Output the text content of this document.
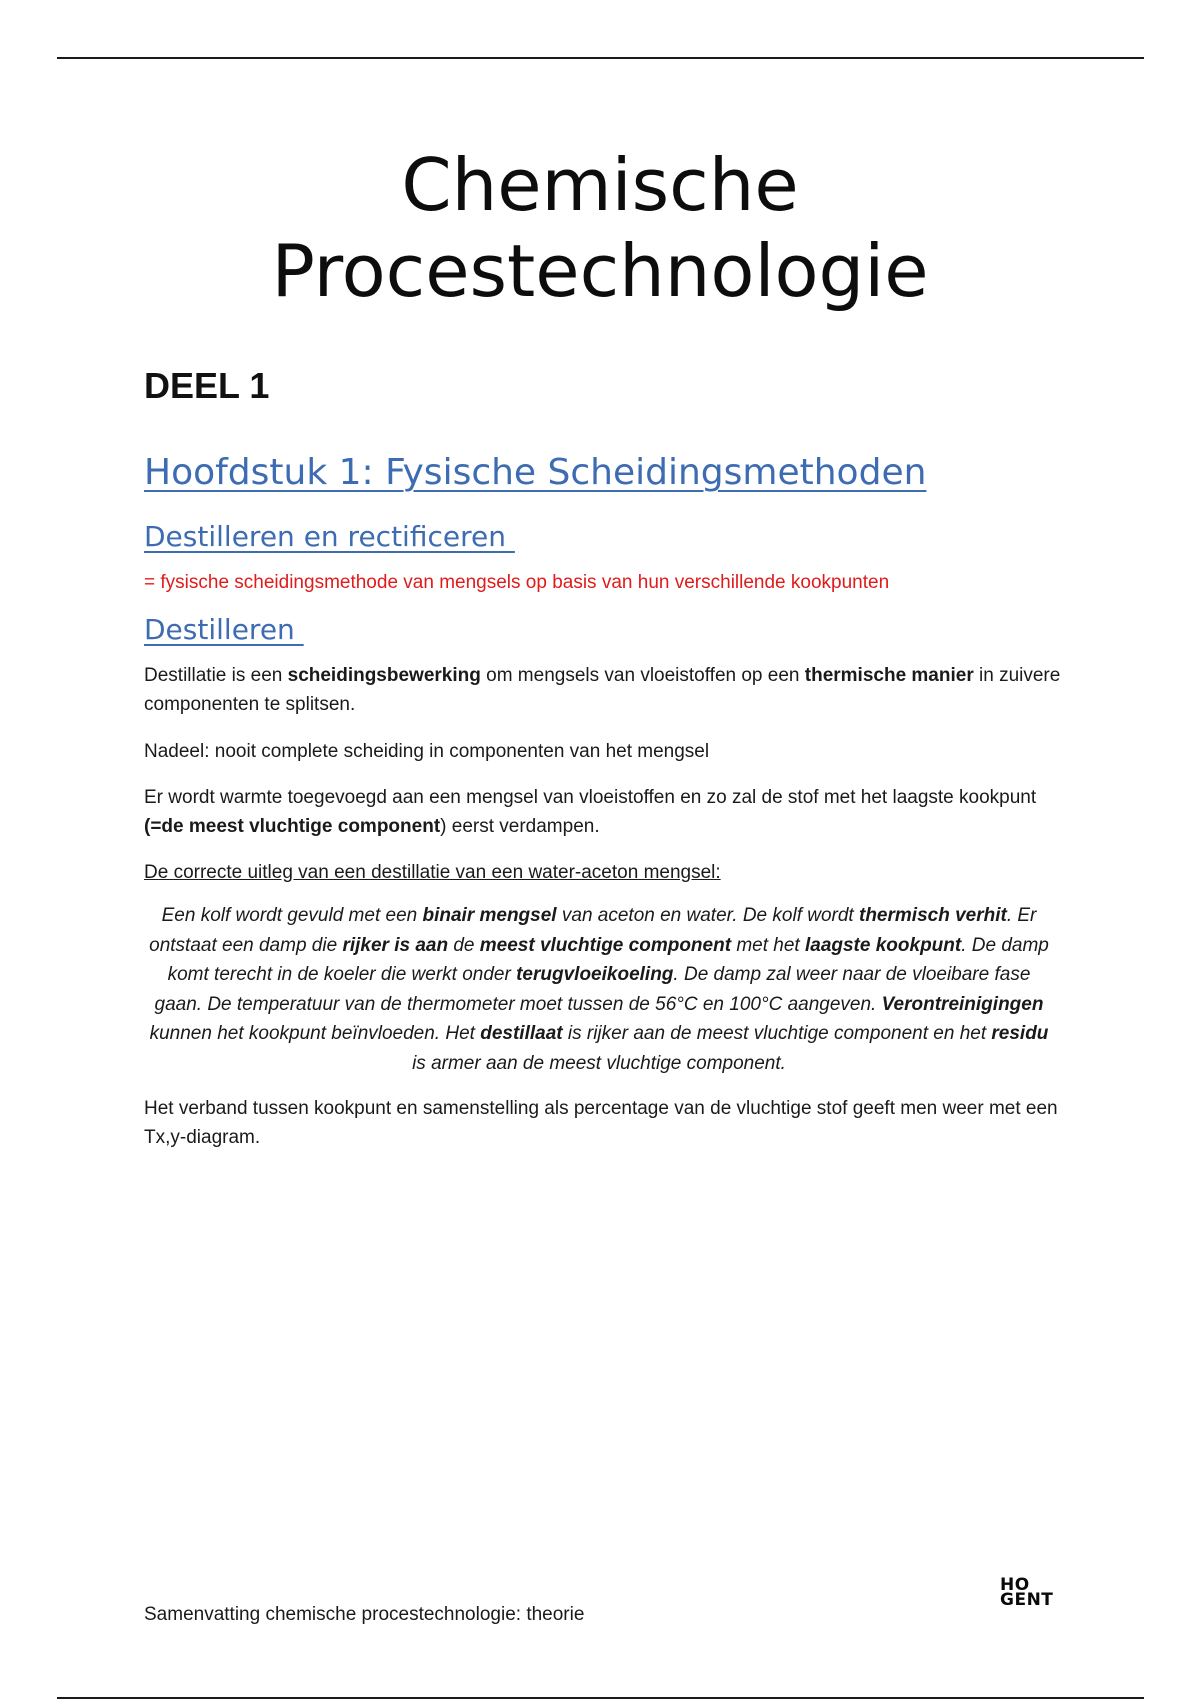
Chemische
Procestechnologie
DEEL 1
Hoofdstuk 1: Fysische Scheidingsmethoden
Destilleren en rectificeren
= fysische scheidingsmethode van mengsels op basis van hun verschillende kookpunten
Destilleren
Destillatie is een scheidingsbewerking om mengsels van vloeistoffen op een thermische manier in zuivere componenten te splitsen.
Nadeel: nooit complete scheiding in componenten van het mengsel
Er wordt warmte toegevoegd aan een mengsel van vloeistoffen en zo zal de stof met het laagste kookpunt (=de meest vluchtige component) eerst verdampen.
De correcte uitleg van een destillatie van een water-aceton mengsel:
Een kolf wordt gevuld met een binair mengsel van aceton en water. De kolf wordt thermisch verhit. Er ontstaat een damp die rijker is aan de meest vluchtige component met het laagste kookpunt. De damp komt terecht in de koeler die werkt onder terugvloeikoeling. De damp zal weer naar de vloeibare fase gaan. De temperatuur van de thermometer moet tussen de 56°C en 100°C aangeven. Verontreinigingen kunnen het kookpunt beïnvloeden. Het destillaat is rijker aan de meest vluchtige component en het residu is armer aan de meest vluchtige component.
Het verband tussen kookpunt en samenstelling als percentage van de vluchtige stof geeft men weer met een Tx,y-diagram.
Samenvatting chemische procestechnologie: theorie
HO
GENT
